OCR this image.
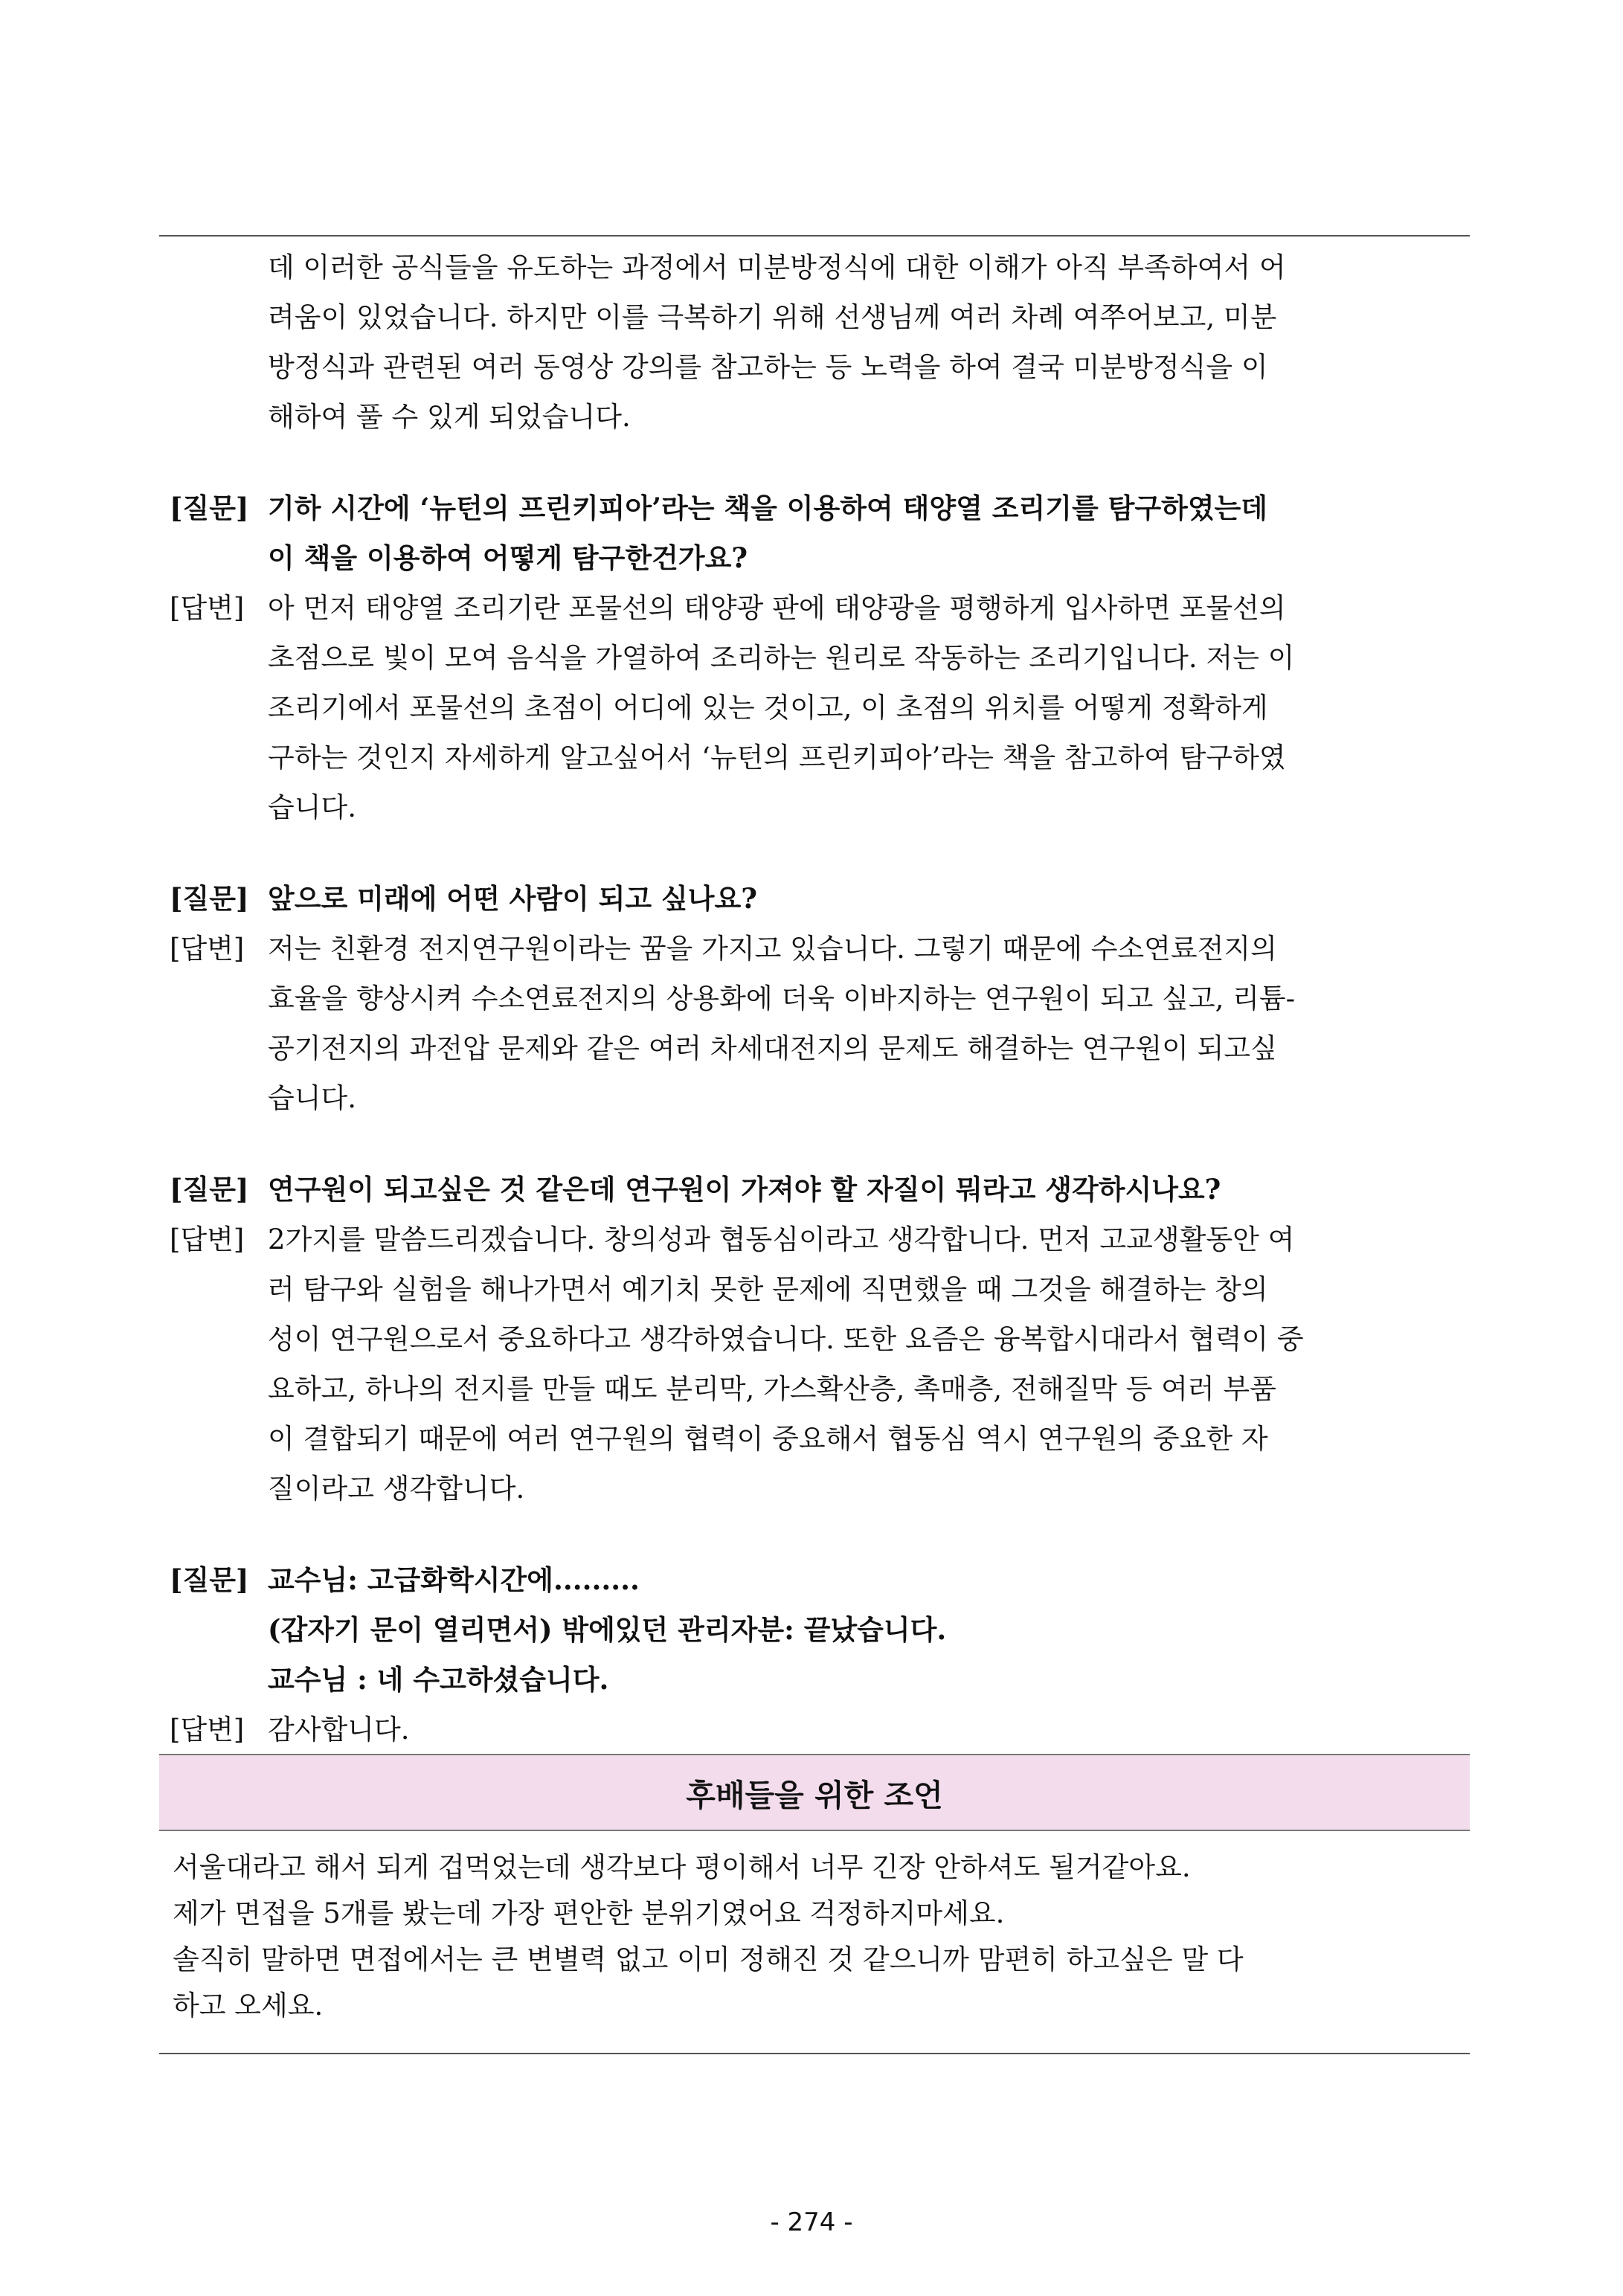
데 이러한 공식들을 유도하는 과정에서 미분방정식에 대한 이해가 아직 부족하여서 어
려움이 있었습니다. 하지만 이를 극복하기 위해 선생님께 여러 차례 여쭈어보고, 미분
방정식과 관련된 여러 동영상 강의를 참고하는 등 노력을 하여 결국 미분방정식을 이
해하여 풀 수 있게 되었습니다.
[질문] 기하 시간에 ‘뉴턴의 프린키피아’라는 책을 이용하여 태양열 조리기를 탐구하였는데
이 책을 이용하여 어떻게 탐구한건가요?
[답변] 아 먼저 태양열 조리기란 포물선의 태양광 판에 태양광을 평행하게 입사하면 포물선의
초점으로 빛이 모여 음식을 가열하여 조리하는 원리로 작동하는 조리기입니다. 저는 이
조리기에서 포물선의 초점이 어디에 있는 것이고, 이 초점의 위치를 어떻게 정확하게
구하는 것인지 자세하게 알고싶어서 ‘뉴턴의 프린키피아’라는 책을 참고하여 탐구하였
습니다.
[질문] 앞으로 미래에 어떤 사람이 되고 싶나요?
[답변] 저는 친환경 전지연구원이라는 꿈을 가지고 있습니다. 그렇기 때문에 수소연료전지의
효율을 향상시켜 수소연료전지의 상용화에 더욱 이바지하는 연구원이 되고 싶고, 리튬-
공기전지의 과전압 문제와 같은 여러 차세대전지의 문제도 해결하는 연구원이 되고싶
습니다.
[질문] 연구원이 되고싶은 것 같은데 연구원이 가져야 할 자질이 뭐라고 생각하시나요?
[답변] 2가지를 말씀드리겠습니다. 창의성과 협동심이라고 생각합니다. 먼저 고교생활동안 여
러 탐구와 실험을 해나가면서 예기치 못한 문제에 직면했을 때 그것을 해결하는 창의
성이 연구원으로서 중요하다고 생각하였습니다. 또한 요즘은 융복합시대라서 협력이 중
요하고, 하나의 전지를 만들 때도 분리막, 가스확산층, 촉매층, 전해질막 등 여러 부품
이 결합되기 때문에 여러 연구원의 협력이 중요해서 협동심 역시 연구원의 중요한 자
질이라고 생각합니다.
[질문] 교수님: 고급화학시간에.........
(갑자기 문이 열리면서) 밖에있던 관리자분: 끝났습니다.
교수님 : 네 수고하셨습니다.
[답변] 감사합니다.
후배들을 위한 조언
서울대라고 해서 되게 겁먹었는데 생각보다 평이해서 너무 긴장 안하셔도 될거같아요.
제가 면접을 5개를 봤는데 가장 편안한 분위기였어요 걱정하지마세요.
솔직히 말하면 면접에서는 큰 변별력 없고 이미 정해진 것 같으니까 맘편히 하고싶은 말 다
하고 오세요.
- 274 -
